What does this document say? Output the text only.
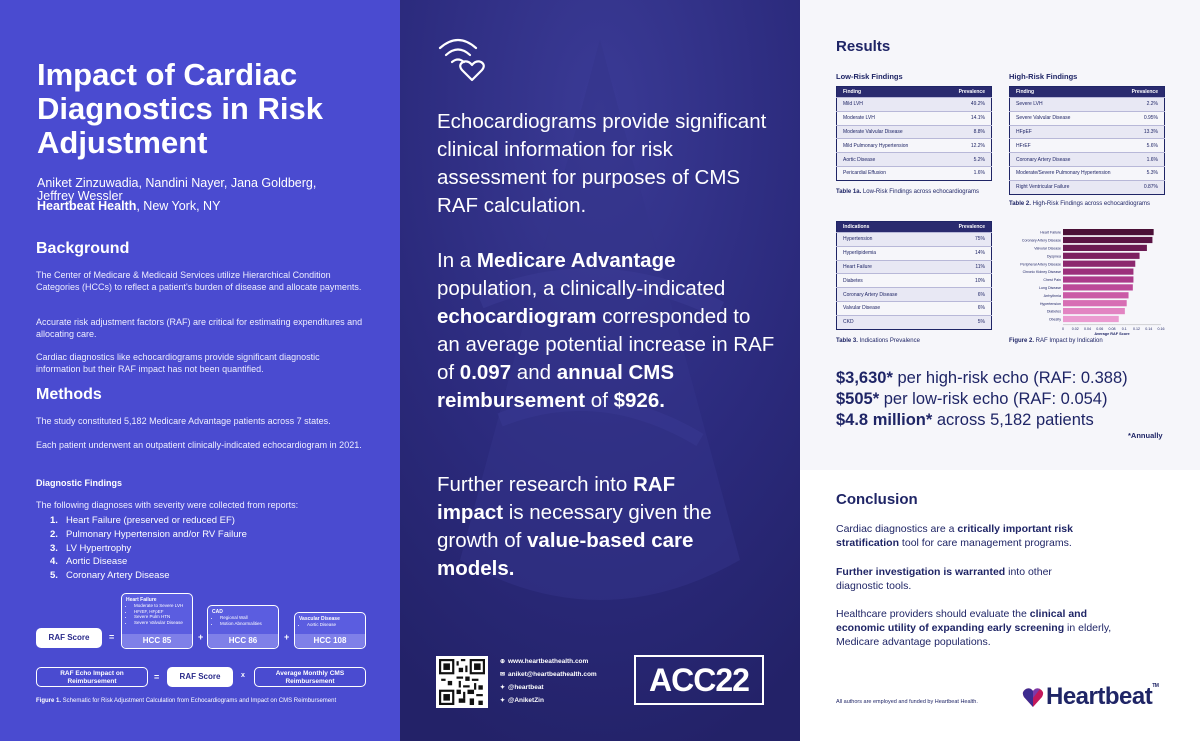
Impact of Cardiac Diagnostics in Risk Adjustment
Aniket Zinzuwadia, Nandini Nayer, Jana Goldberg, Jeffrey Wessler
Heartbeat Health, New York, NY
Background
The Center of Medicare & Medicaid Services utilize Hierarchical Condition Categories (HCCs) to reflect a patient's burden of disease and allocate payments.
Accurate risk adjustment factors (RAF) are critical for estimating expenditures and allocating care.
Cardiac diagnostics like echocardiograms provide significant diagnostic information but their RAF impact has not been quantified.
Methods
The study constituted 5,182 Medicare Advantage patients across 7 states.
Each patient underwent an outpatient clinically-indicated echocardiogram in 2021.
Diagnostic Findings
The following diagnoses with severity were collected from reports:
1. Heart Failure (preserved or reduced EF)
2. Pulmonary Hypertension and/or RV Failure
3. LV Hypertrophy
4. Aortic Disease
5. Coronary Artery Disease
RAF Score	=
Heart Failure
• Moderate to Severe LVH
• HFrEF, HFpEF
• Severe Pulm HTN
• Severe Valvular Disease
HCC 85	+
CAD
• Regional Wall
• Motion Abnormalities
HCC 86	+
Vascular Disease
• Aortic Disease
HCC 108
RAF Echo Impact on Reimbursement	=	RAF Score	x	Average Monthly CMS Reimbursement
Figure 1. Schematic for Risk Adjustment Calculation from Echocardiograms and Impact on CMS Reimbursement
Echocardiograms provide significant clinical information for risk assessment for purposes of CMS RAF calculation.
In a Medicare Advantage population, a clinically-indicated echocardiogram corresponded to an average potential increase in RAF of 0.097 and annual CMS reimbursement of $926.
Further research into RAF impact is necessary given the growth of value-based care models.
⊕ www.heartbeathealth.com
✉ aniket@heartbeathealth.com
✦ @heartbeat
✦ @AniketZin
ACC22
Results
Low-Risk Findings	High-Risk Findings
Finding	Prevalence
Mild LVH	49.2%
Moderate LVH	14.1%
Moderate Valvular Disease	8.8%
Mild Pulmonary Hypertension	12.2%
Aortic Disease	5.2%
Pericardial Effusion	1.6%
Finding	Prevalence
Severe LVH	2.2%
Severe Valvular Disease	0.95%
HFpEF	13.3%
HFrEF	5.6%
Coronary Artery Disease	1.6%
Moderate/Severe Pulmonary Hypertension	5.3%
Right Ventricular Failure	0.87%
Table 1a. Low-Risk Findings across echocardiograms
Table 2. High-Risk Findings across echocardiograms
Indications	Prevalence
Hypertension	75%
Hyperlipidemia	14%
Heart Failure	11%
Diabetes	10%
Coronary Artery Disease	6%
Valvular Disease	6%
CKD	5%
Table 3. Indications Prevalence
Heart Failure
Coronary Artery Disease
Valvular Disease
Dyspnea
Peripheral Artery Disease
Chronic Kidney Disease
Chest Pain
Lung Disease
Arrhythmia
Hypertension
Diabetes
Obesity
0 0.02 0.04 0.06 0.08 0.1 0.12 0.14 0.16
Average RAF Score
Figure 2. RAF Impact by Indication
$3,630* per high-risk echo (RAF: 0.388)
$505* per low-risk echo (RAF: 0.054)
$4.8 million* across 5,182 patients
*Annually
Conclusion
Cardiac diagnostics are a critically important risk stratification tool for care management programs.
Further investigation is warranted into other diagnostic tools.
Healthcare providers should evaluate the clinical and economic utility of expanding early screening in elderly, Medicare advantage populations.
All authors are employed and funded by Heartbeat Health.	Heartbeat™
